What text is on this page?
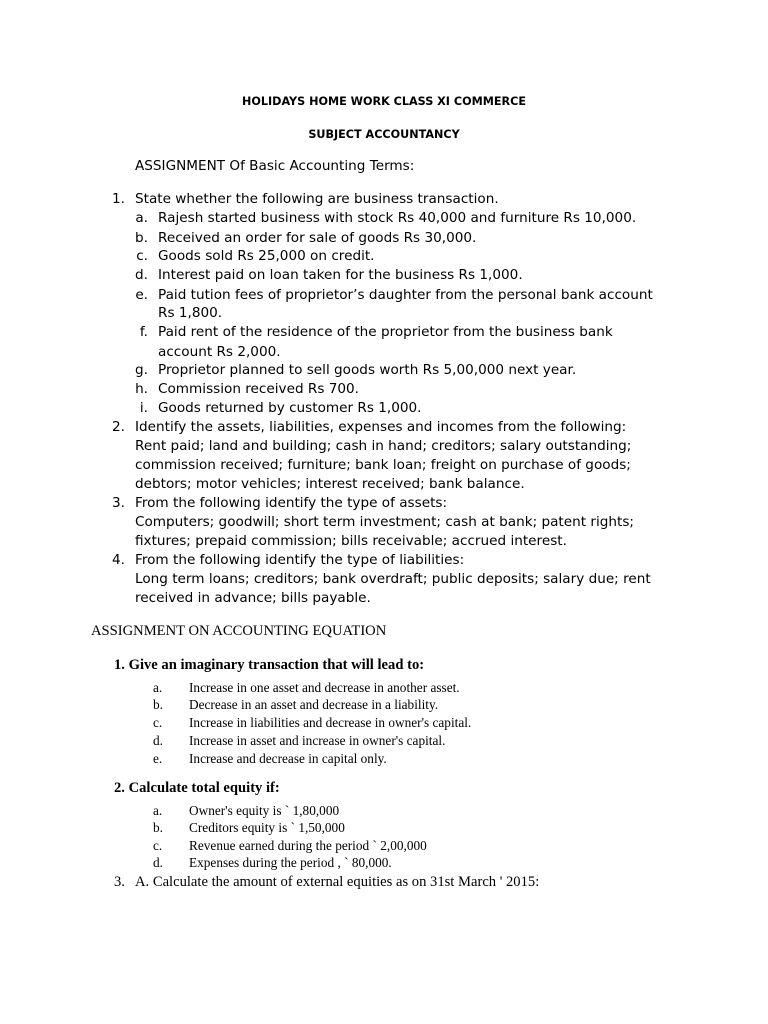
HOLIDAYS HOME WORK CLASS XI COMMERCE
SUBJECT ACCOUNTANCY
ASSIGNMENT Of Basic Accounting Terms:
1. State whether the following are business transaction.
a. Rajesh started business with stock Rs 40,000 and furniture Rs 10,000.
b. Received an order for sale of goods Rs 30,000.
c. Goods sold Rs 25,000 on credit.
d. Interest paid on loan taken for the business Rs 1,000.
e. Paid tution fees of proprietor’s daughter from the personal bank account
Rs 1,800.
f. Paid rent of the residence of the proprietor from the business bank
account Rs 2,000.
g. Proprietor planned to sell goods worth Rs 5,00,000 next year.
h. Commission received Rs 700.
i. Goods returned by customer Rs 1,000.
2. Identify the assets, liabilities, expenses and incomes from the following:
Rent paid; land and building; cash in hand; creditors; salary outstanding;
commission received; furniture; bank loan; freight on purchase of goods;
debtors; motor vehicles; interest received; bank balance.
3. From the following identify the type of assets:
Computers; goodwill; short term investment; cash at bank; patent rights;
fixtures; prepaid commission; bills receivable; accrued interest.
4. From the following identify the type of liabilities:
Long term loans; creditors; bank overdraft; public deposits; salary due; rent
received in advance; bills payable.
ASSIGNMENT ON ACCOUNTING EQUATION
1. Give an imaginary transaction that will lead to:
a. Increase in one asset and decrease in another asset.
b. Decrease in an asset and decrease in a liability.
c. Increase in liabilities and decrease in owner's capital.
d. Increase in asset and increase in owner's capital.
e. Increase and decrease in capital only.
2. Calculate total equity if:
a. Owner's equity is ` 1,80,000
b. Creditors equity is ` 1,50,000
c. Revenue earned during the period ` 2,00,000
d. Expenses during the period , ` 80,000.
3. A. Calculate the amount of external equities as on 31st March ' 2015:
